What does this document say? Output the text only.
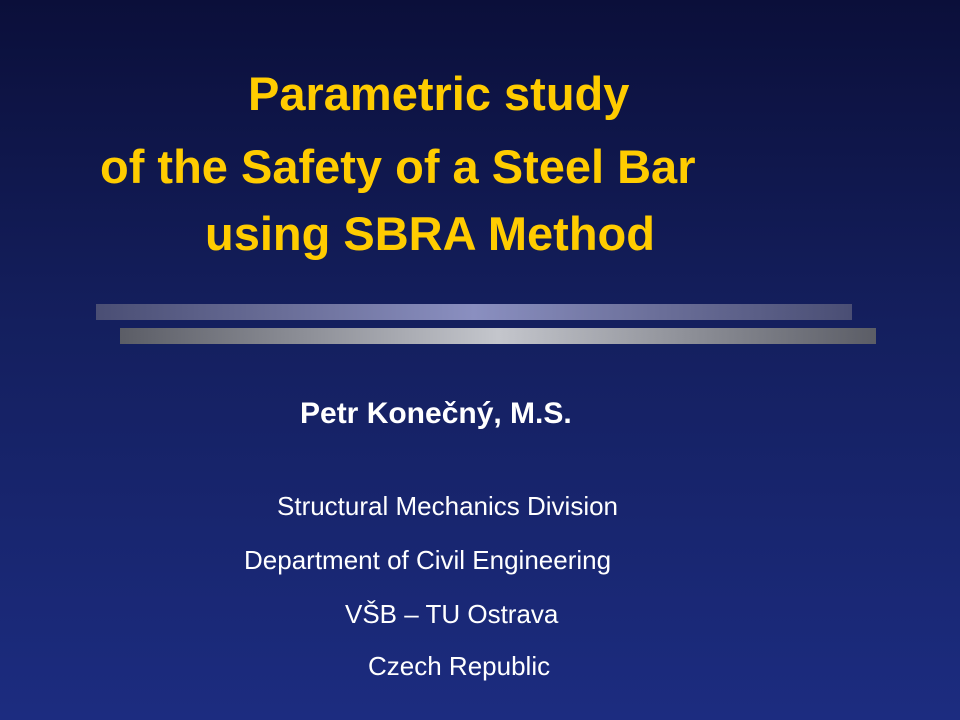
Parametric study
of the Safety of a Steel Bar
using SBRA Method
Petr Konečný, M.S.
Structural Mechanics Division
Department of Civil Engineering
VŠB – TU Ostrava
Czech Republic
